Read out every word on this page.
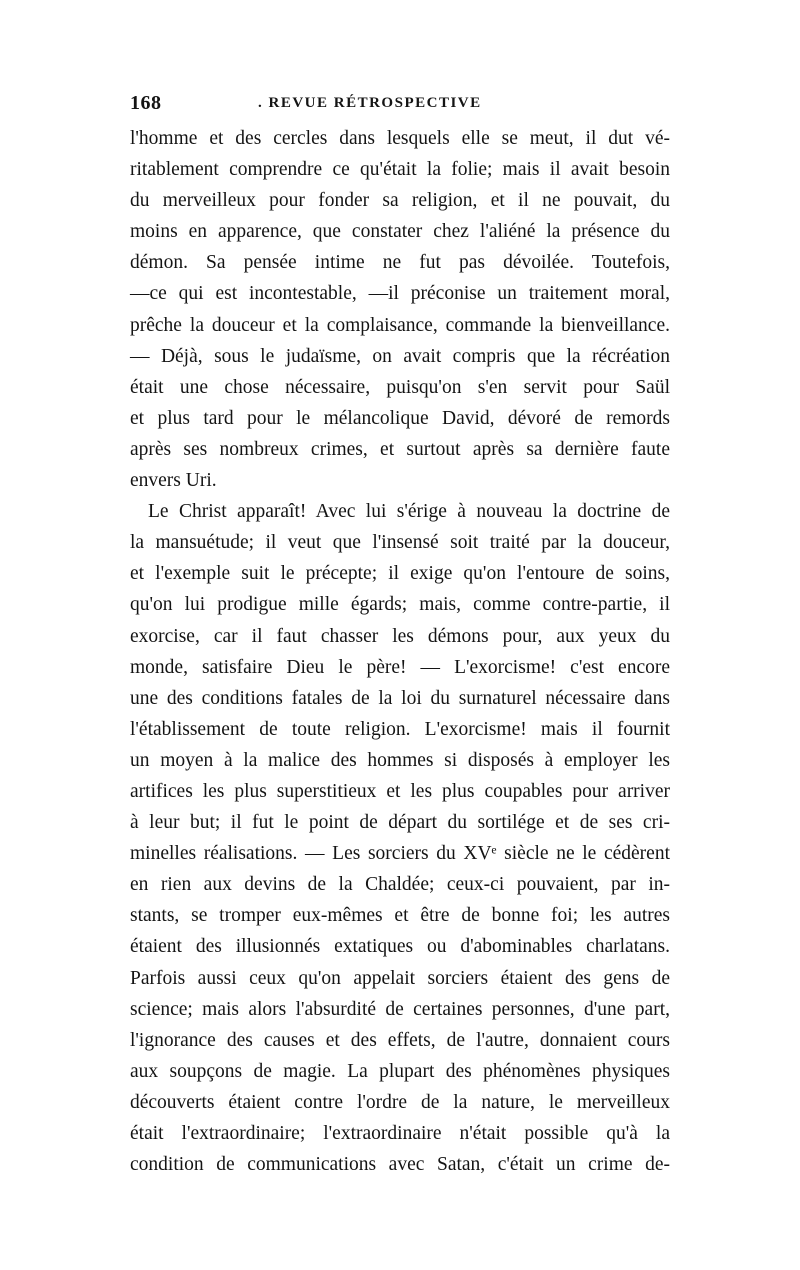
168	. REVUE RÉTROSPECTIVE
l'homme et des cercles dans lesquels elle se meut, il dut vé-
ritablement comprendre ce qu'était la folie; mais il avait besoin
du merveilleux pour fonder sa religion, et il ne pouvait, du
moins en apparence, que constater chez l'aliéné la présence du
démon. Sa pensée intime ne fut pas dévoilée. Toutefois,
—ce qui est incontestable, —il préconise un traitement moral,
prêche la douceur et la complaisance, commande la bienveillance.
— Déjà, sous le judaïsme, on avait compris que la récréation
était une chose nécessaire, puisqu'on s'en servit pour Saül
et plus tard pour le mélancolique David, dévoré de remords
après ses nombreux crimes, et surtout après sa dernière faute
envers Uri.
Le Christ apparaît! Avec lui s'érige à nouveau la doctrine de
la mansuétude; il veut que l'insensé soit traité par la douceur,
et l'exemple suit le précepte; il exige qu'on l'entoure de soins,
qu'on lui prodigue mille égards; mais, comme contre-partie, il
exorcise, car il faut chasser les démons pour, aux yeux du
monde, satisfaire Dieu le père! — L'exorcisme! c'est encore
une des conditions fatales de la loi du surnaturel nécessaire dans
l'établissement de toute religion. L'exorcisme! mais il fournit
un moyen à la malice des hommes si disposés à employer les
artifices les plus superstitieux et les plus coupables pour arriver
à leur but; il fut le point de départ du sortilége et de ses cri-
minelles réalisations. — Les sorciers du XVᵉ siècle ne le cédèrent
en rien aux devins de la Chaldée; ceux-ci pouvaient, par in-
stants, se tromper eux-mêmes et être de bonne foi; les autres
étaient des illusionnés extatiques ou d'abominables charlatans.
Parfois aussi ceux qu'on appelait sorciers étaient des gens de
science; mais alors l'absurdité de certaines personnes, d'une part,
l'ignorance des causes et des effets, de l'autre, donnaient cours
aux soupçons de magie. La plupart des phénomènes physiques
découverts étaient contre l'ordre de la nature, le merveilleux
était l'extraordinaire; l'extraordinaire n'était possible qu'à la
condition de communications avec Satan, c'était un crime de-
